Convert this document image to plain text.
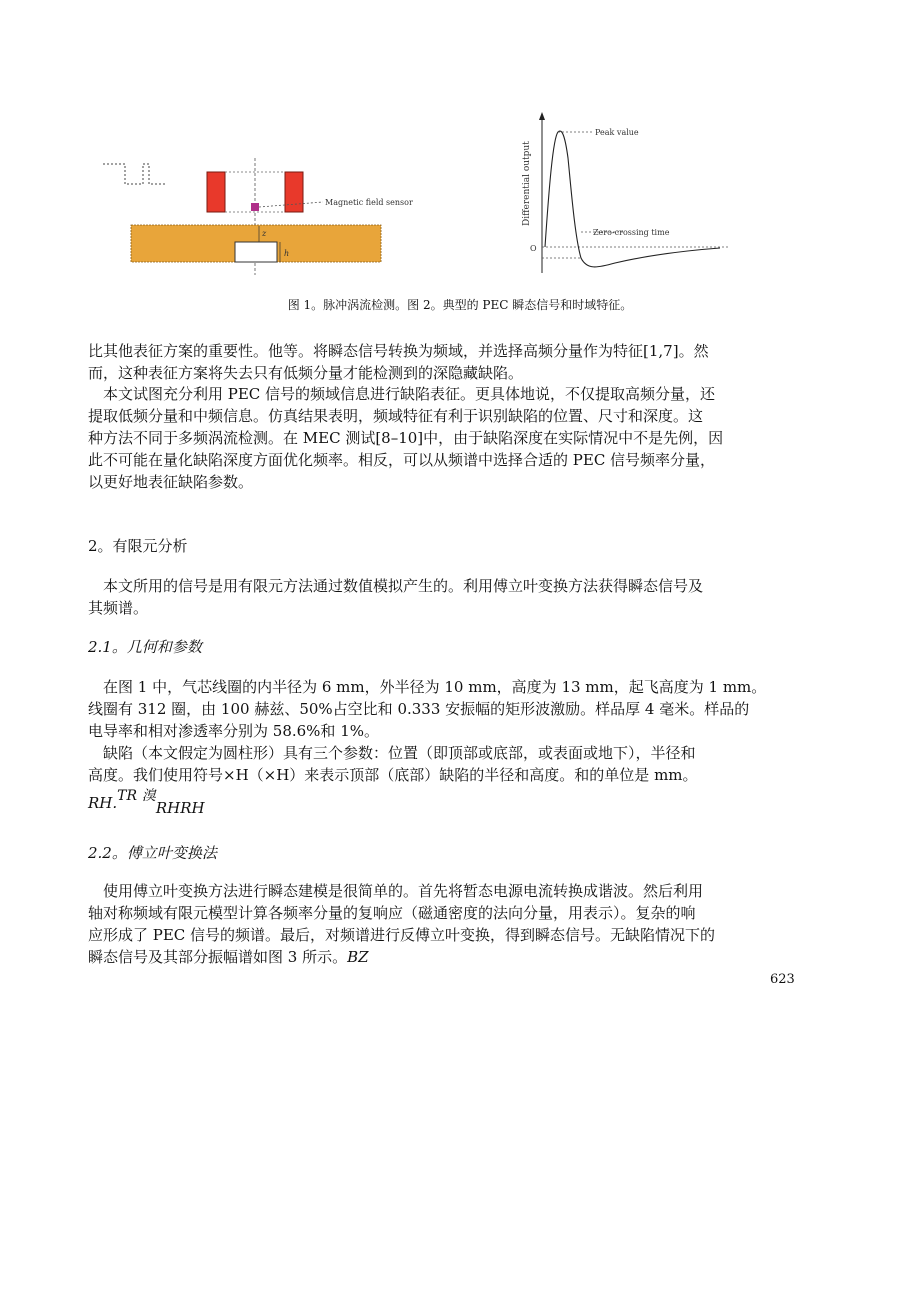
Magnetic field sensor
z
h
Differential output
O
Peak value
Zero-crossing time
图 1。脉冲涡流检测。图 2。典型的 PEC 瞬态信号和时域特征。

比其他表征方案的重要性。他等。将瞬态信号转换为频域，并选择高频分量作为特征[1,7]。然

而，这种表征方案将失去只有低频分量才能检测到的深隐藏缺陷。

本文试图充分利用 PEC 信号的频域信息进行缺陷表征。更具体地说，不仅提取高频分量，还

提取低频分量和中频信息。仿真结果表明，频域特征有利于识别缺陷的位置、尺寸和深度。这

种方法不同于多频涡流检测。在 MEC 测试[8–10]中，由于缺陷深度在实际情况中不是先例，因

此不可能在量化缺陷深度方面优化频率。相反，可以从频谱中选择合适的 PEC 信号频率分量，

以更好地表征缺陷参数。

2。有限元分析

本文所用的信号是用有限元方法通过数值模拟产生的。利用傅立叶变换方法获得瞬态信号及

其频谱。

2.1。几何和参数

在图 1 中，气芯线圈的内半径为 6 mm，外半径为 10 mm，高度为 13 mm，起飞高度为 1 mm。

线圈有 312 圈，由 100 赫兹、50%占空比和 0.333 安振幅的矩形波激励。样品厚 4 毫米。样品的

电导率和相对渗透率分别为 58.6%和 1%。

缺陷（本文假定为圆柱形）具有三个参数：位置（即顶部或底部，或表面或地下），半径和

高度。我们使用符号×H（×H）来表示顶部（底部）缺陷的半径和高度。和的单位是 mm。

RH.TR 溴RHRH
2.2。傅立叶变换法

使用傅立叶变换方法进行瞬态建模是很简单的。首先将暂态电源电流转换成谐波。然后利用

轴对称频域有限元模型计算各频率分量的复响应（磁通密度的法向分量，用表示）。复杂的响

应形成了 PEC 信号的频谱。最后，对频谱进行反傅立叶变换，得到瞬态信号。无缺陷情况下的

瞬态信号及其部分振幅谱如图 3 所示。BZ

623
